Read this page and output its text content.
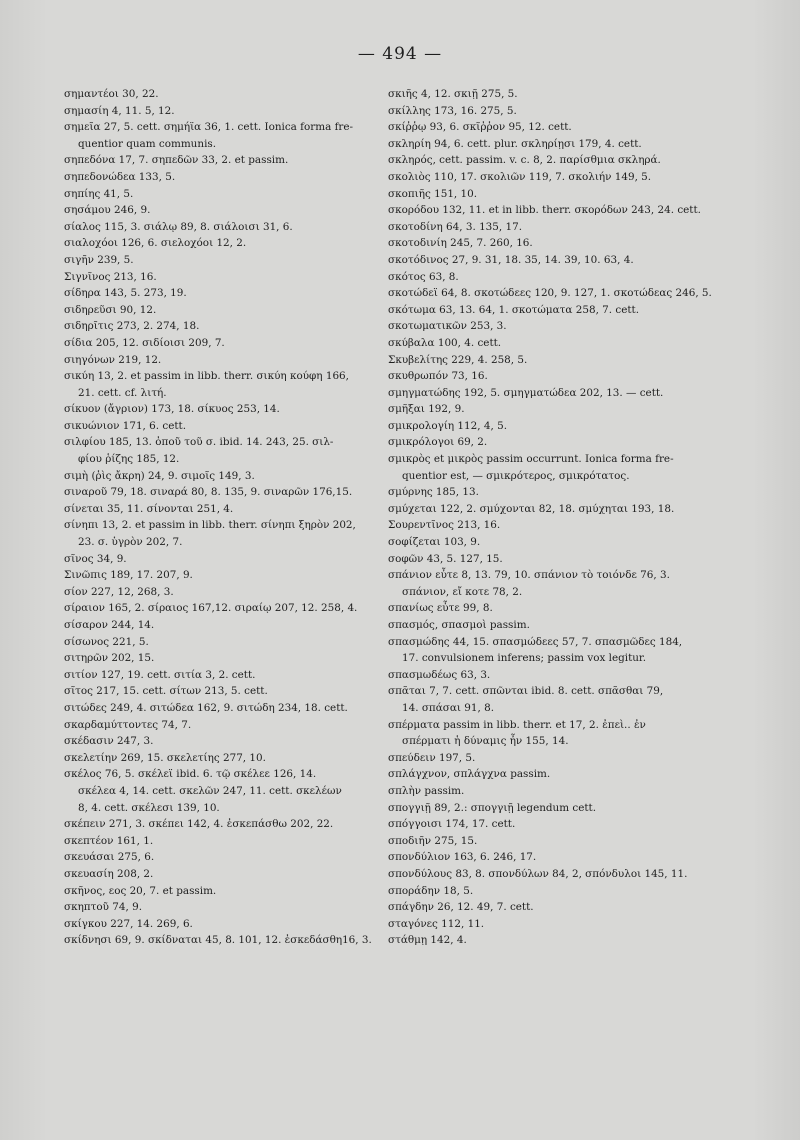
— 494 —
σημαντέοι 30, 22.
σημασίη 4, 11. 5, 12.
σημεῖα 27, 5. cett. σημήϊα 36, 1. cett. Ionica forma fre-
quentior quam communis.
σηπεδόνα 17, 7. σηπεδῶν 33, 2. et passim.
σηπεδονώδεα 133, 5.
σηπίης 41, 5.
σησάμου 246, 9.
σίαλος 115, 3. σιάλῳ 89, 8. σιάλοισι 31, 6.
σιαλοχόοι 126, 6. σιελοχόοι 12, 2.
σιγῆν 239, 5.
Σιγνῖνος 213, 16.
σίδηρα 143, 5. 273, 19.
σιδηρεῦσι 90, 12.
σιδηρῖτις 273, 2. 274, 18.
σίδια 205, 12. σιδίοισι 209, 7.
σιηγόνων 219, 12.
σικύη 13, 2. et passim in libb. therr. σικύη κούφη 166,
21. cett. cf. λιτή.
σίκυον (ἄγριον) 173, 18. σίκυος 253, 14.
σικυώνιον 171, 6. cett.
σιλφίου 185, 13. ὀποῦ τοῦ σ. ibid. 14. 243, 25. σιλ-
φίου ῥίζης 185, 12.
σιμὴ (ῥὶς ἄκρη) 24, 9. σιμοῖς 149, 3.
σιναροῦ 79, 18. σιναρά 80, 8. 135, 9. σιναρῶν 176,15.
σίνεται 35, 11. σίνονται 251, 4.
σίνηπι 13, 2. et passim in libb. therr. σίνηπι ξηρὸν 202,
23. σ. ὑγρὸν 202, 7.
σῖνος 34, 9.
Σινῶπις 189, 17. 207, 9.
σίον 227, 12, 268, 3.
σίραιον 165, 2. σίραιος 167,12. σιραίῳ 207, 12. 258, 4.
σίσαρον 244, 14.
σίσωνος 221, 5.
σιτηρῶν 202, 15.
σιτίον 127, 19. cett. σιτία 3, 2. cett.
σῖτος 217, 15. cett. σίτων 213, 5. cett.
σιτώδες 249, 4. σιτώδεα 162, 9. σιτώδη 234, 18. cett.
σκαρδαμύττοντες 74, 7.
σκέδασιν 247, 3.
σκελετίην 269, 15. σκελετίης 277, 10.
σκέλος 76, 5. σκέλεϊ ibid. 6. τῷ σκέλεε 126, 14.
σκέλεα 4, 14. cett. σκελῶν 247, 11. cett. σκελέων
8, 4. cett. σκέλεσι 139, 10.
σκέπειν 271, 3. σκέπει 142, 4. ἐσκεπάσθω 202, 22.
σκεπτέον 161, 1.
σκευάσαι 275, 6.
σκευασίη 208, 2.
σκῆνος, εος 20, 7. et passim.
σκηπτοῦ 74, 9.
σκίγκου 227, 14. 269, 6.
σκίδνησι 69, 9. σκίδναται 45, 8. 101, 12. ἐσκεδάσθη16, 3.
σκιῆς 4, 12. σκιῇ 275, 5.
σκίλλης 173, 16. 275, 5.
σκίῤῥῳ 93, 6. σκῖῤῥον 95, 12. cett.
σκληρίη 94, 6. cett. plur. σκληρίῃσι 179, 4. cett.
σκληρός, cett. passim. v. c. 8, 2. παρίσθμια σκληρά.
σκολιὸς 110, 17. σκολιῶν 119, 7. σκολιήν 149, 5.
σκοπιῆς 151, 10.
σκορόδου 132, 11. et in libb. therr. σκορόδων 243, 24. cett.
σκοτοδίνη 64, 3. 135, 17.
σκοτοδινίη 245, 7. 260, 16.
σκοτόδινος 27, 9. 31, 18. 35, 14. 39, 10. 63, 4.
σκότος 63, 8.
σκοτώδεϊ 64, 8. σκοτώδεες 120, 9. 127, 1. σκοτώδεας 246, 5.
σκότωμα 63, 13. 64, 1. σκοτώματα 258, 7. cett.
σκοτωματικῶν 253, 3.
σκύβαλα 100, 4. cett.
Σκυβελίτης 229, 4. 258, 5.
σκυθρωπόν 73, 16.
σμηγματώδης 192, 5. σμηγματώδεα 202, 13. — cett.
σμῆξαι 192, 9.
σμικρολογίη 112, 4, 5.
σμικρόλογοι 69, 2.
σμικρὸς et μικρὸς passim occurrunt. Ionica forma fre-
quentior est, — σμικρότερος, σμικρότατος.
σμύρνης 185, 13.
σμύχεται 122, 2. σμύχονται 82, 18. σμύχηται 193, 18.
Σουρεντῖνος 213, 16.
σοφίζεται 103, 9.
σοφῶν 43, 5. 127, 15.
σπάνιον εὖτε 8, 13. 79, 10. σπάνιον τὸ τοιόνδε 76, 3.
σπάνιον, εἴ κοτε 78, 2.
σπανίως εὖτε 99, 8.
σπασμός, σπασμοὶ passim.
σπασμώδης 44, 15. σπασμώδεες 57, 7. σπασμῶδες 184,
17. convulsionem inferens; passim vox legitur.
σπασμωδέως 63, 3.
σπᾶται 7, 7. cett. σπῶνται ibid. 8. cett. σπᾶσθαι 79,
14. σπάσαι 91, 8.
σπέρματα passim in libb. therr. et 17, 2. ἐπεὶ.. ἐν
σπέρματι ἡ δύναμις ἦν 155, 14.
σπεύδειν 197, 5.
σπλάγχνον, σπλάγχνα passim.
σπλὴν passim.
σπογγιῇ 89, 2.: σπογγιῇ legendum cett.
σπόγγοισι 174, 17. cett.
σποδιῆν 275, 15.
σπονδύλιον 163, 6. 246, 17.
σπονδύλους 83, 8. σπονδύλων 84, 2, σπόνδυλοι 145, 11.
σποράδην 18, 5.
σπάγδην 26, 12. 49, 7. cett.
σταγόνες 112, 11.
στάθμῃ 142, 4.
